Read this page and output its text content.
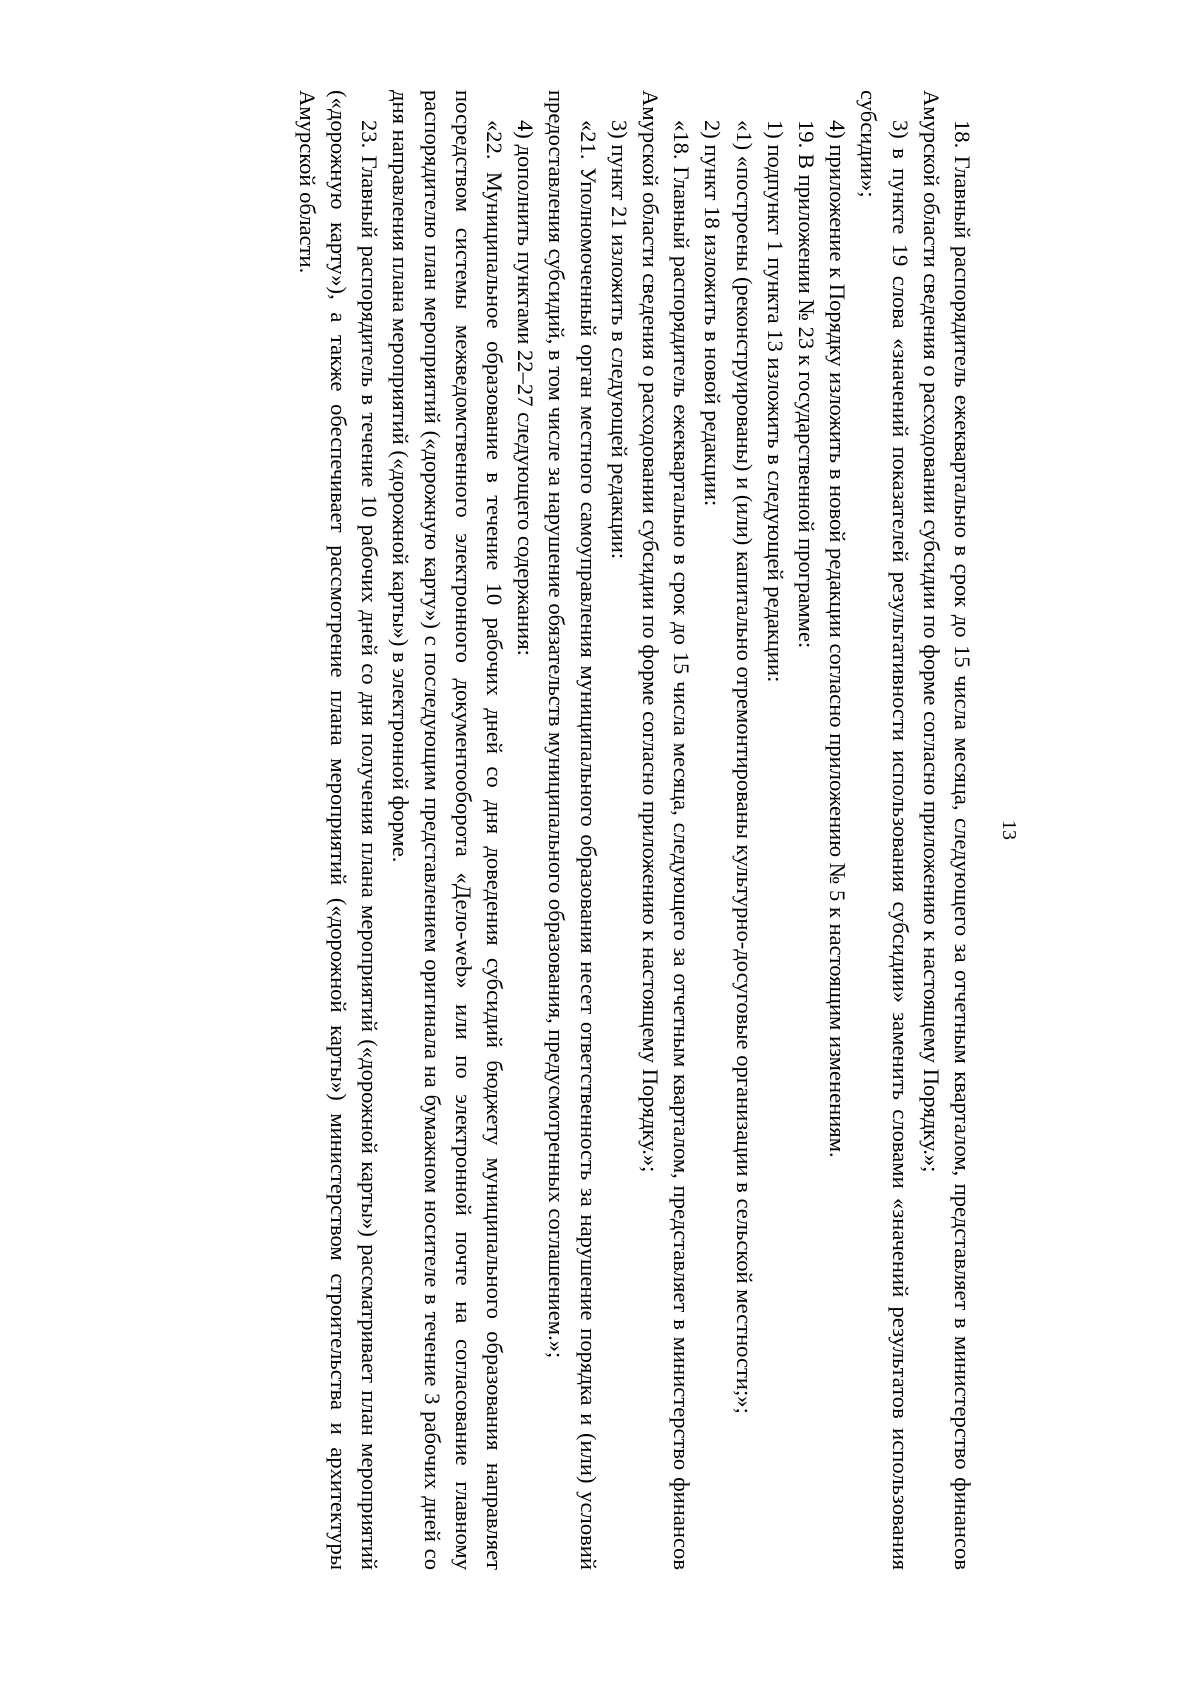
13

18. Главный распорядитель ежеквартально в срок до 15 числа месяца, следующего за отчетным кварталом, представляет в министерство финансов Амурской области сведения о расходовании субсидии по форме согласно приложению к настоящему Порядку.»;

3) в пункте 19 слова «значений показателей результативности использования субсидии» заменить словами «значений результатов использования субсидии»;

4) приложение к Порядку изложить в новой редакции согласно приложению № 5 к настоящим изменениям.

19. В приложении № 23 к государственной программе:

1) подпункт 1 пункта 13 изложить в следующей редакции:

«1) «построены (реконструированы) и (или) капитально отремонтированы культурно-досуговые организации в сельской местности;»;

2) пункт 18 изложить в новой редакции:

«18. Главный распорядитель ежеквартально в срок до 15 числа месяца, следующего за отчетным кварталом, представляет в министерство финансов Амурской области сведения о расходовании субсидии по форме согласно приложению к настоящему Порядку.»;

3) пункт 21 изложить в следующей редакции:

«21. Уполномоченный орган местного самоуправления муниципального образования несет ответственность за нарушение порядка и (или) условий предоставления субсидий, в том числе за нарушение обязательств муниципального образования, предусмотренных соглашением.»;

4) дополнить пунктами 22–27 следующего содержания:

«22. Муниципальное образование в течение 10 рабочих дней со дня доведения субсидий бюджету муниципального образования направляет посредством системы межведомственного электронного документооборота «Дело-web» или по электронной почте на согласование главному распорядителю план мероприятий («дорожную карту») с последующим представлением оригинала на бумажном носителе в течение 3 рабочих дней со дня направления плана мероприятий («дорожной карты») в электронной форме.

23. Главный распорядитель в течение 10 рабочих дней со дня получения плана мероприятий («дорожной карты») рассматривает план мероприятий («дорожную карту»), а также обеспечивает рассмотрение плана мероприятий («дорожной карты») министерством строительства и архитектуры Амурской области.
